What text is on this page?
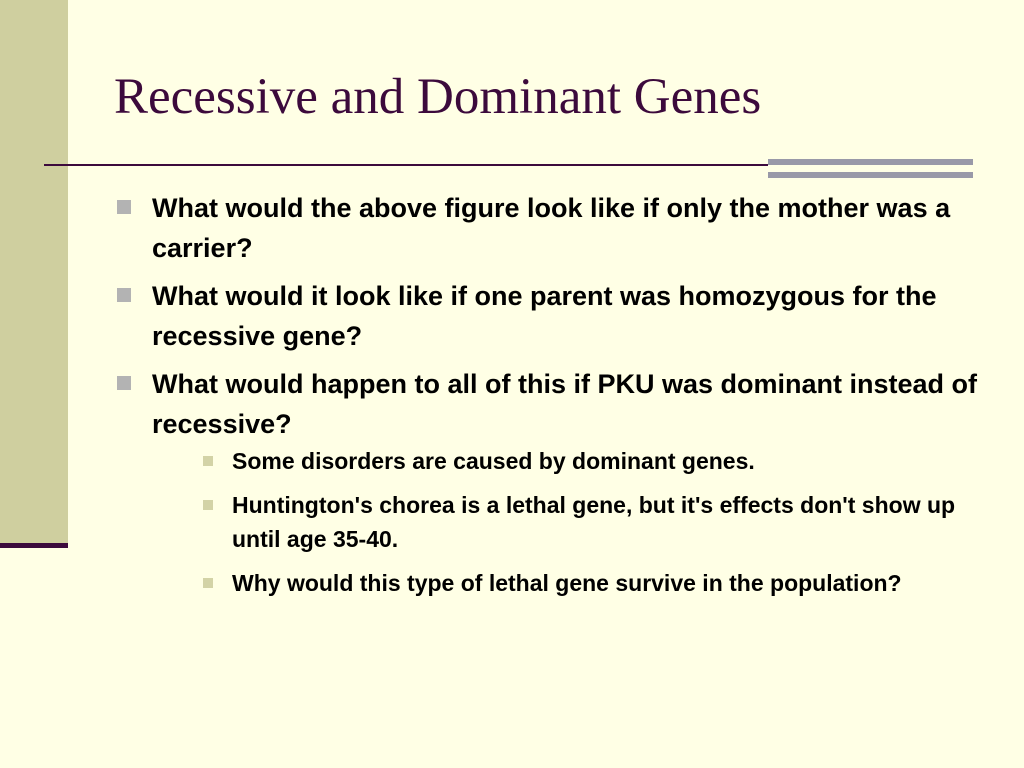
Recessive and Dominant Genes
What would the above figure look like if only the mother was a carrier?
What would it look like if one parent was homozygous for the recessive gene?
What would happen to all of this if PKU was dominant instead of recessive?
Some disorders are caused by dominant genes.
Huntington's chorea is a lethal gene, but it's effects don't show up until age 35-40.
Why would this type of lethal gene survive in the population?
